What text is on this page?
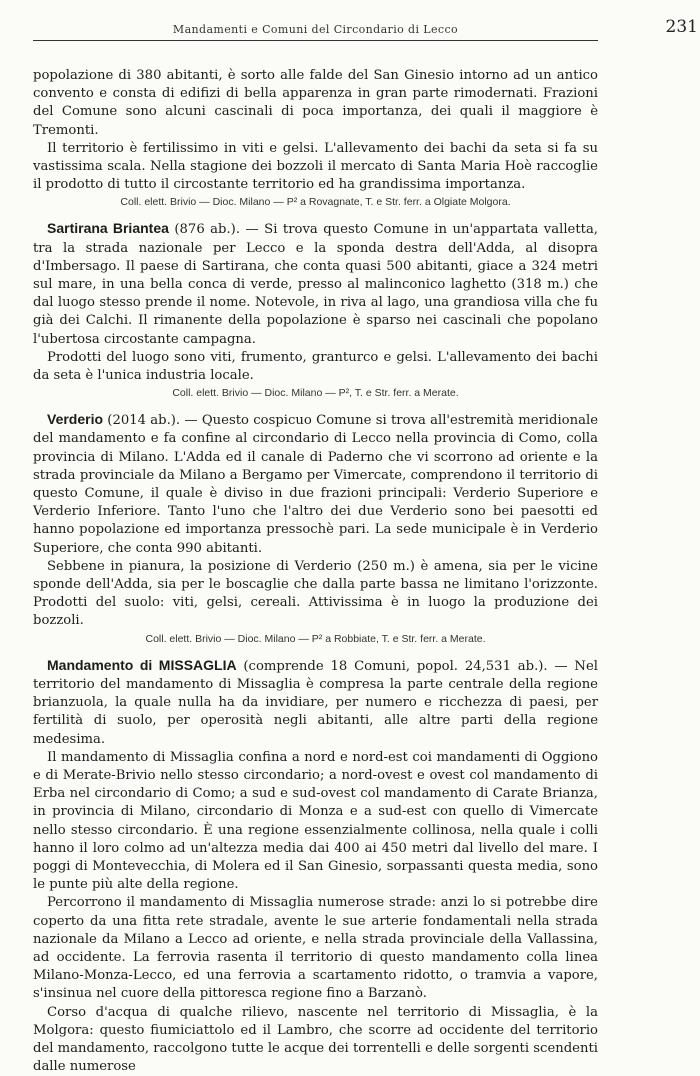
Mandamenti e Comuni del Circondario di Lecco	231

popolazione di 380 abitanti, è sorto alle falde del San Ginesio intorno ad un antico convento e consta di edifizi di bella apparenza in gran parte rimodernati. Frazioni del Comune sono alcuni cascinali di poca importanza, dei quali il maggiore è Tremonti.

Il territorio è fertilissimo in viti e gelsi. L'allevamento dei bachi da seta si fa su vastissima scala. Nella stagione dei bozzoli il mercato di Santa Maria Hoè raccoglie il prodotto di tutto il circostante territorio ed ha grandissima importanza.

Coll. elett. Brivio — Dioc. Milano — P² a Rovagnate, T. e Str. ferr. a Olgiate Molgora.

Sartirana Briantea (876 ab.). — Si trova questo Comune in un'appartata valletta, tra la strada nazionale per Lecco e la sponda destra dell'Adda, al disopra d'Imbersago. Il paese di Sartirana, che conta quasi 500 abitanti, giace a 324 metri sul mare, in una bella conca di verde, presso al malinconico laghetto (318 m.) che dal luogo stesso prende il nome. Notevole, in riva al lago, una grandiosa villa che fu già dei Calchi. Il rimanente della popolazione è sparso nei cascinali che popolano l'ubertosa circostante campagna.

Prodotti del luogo sono viti, frumento, granturco e gelsi. L'allevamento dei bachi da seta è l'unica industria locale.

Coll. elett. Brivio — Dioc. Milano — P², T. e Str. ferr. a Merate.

Verderio (2014 ab.). — Questo cospicuo Comune si trova all'estremità meridionale del mandamento e fa confine al circondario di Lecco nella provincia di Como, colla provincia di Milano. L'Adda ed il canale di Paderno che vi scorrono ad oriente e la strada provinciale da Milano a Bergamo per Vimercate, comprendono il territorio di questo Comune, il quale è diviso in due frazioni principali: Verderio Superiore e Verderio Inferiore. Tanto l'uno che l'altro dei due Verderio sono bei paesotti ed hanno popolazione ed importanza pressochè pari. La sede municipale è in Verderio Superiore, che conta 990 abitanti.

Sebbene in pianura, la posizione di Verderio (250 m.) è amena, sia per le vicine sponde dell'Adda, sia per le boscaglie che dalla parte bassa ne limitano l'orizzonte. Prodotti del suolo: viti, gelsi, cereali. Attivissima è in luogo la produzione dei bozzoli.

Coll. elett. Brivio — Dioc. Milano — P² a Robbiate, T. e Str. ferr. a Merate.

Mandamento di MISSAGLIA (comprende 18 Comuni, popol. 24,531 ab.). — Nel territorio del mandamento di Missaglia è compresa la parte centrale della regione brianzuola, la quale nulla ha da invidiare, per numero e ricchezza di paesi, per fertilità di suolo, per operosità negli abitanti, alle altre parti della regione medesima.

Il mandamento di Missaglia confina a nord e nord-est coi mandamenti di Oggiono e di Merate-Brivio nello stesso circondario; a nord-ovest e ovest col mandamento di Erba nel circondario di Como; a sud e sud-ovest col mandamento di Carate Brianza, in provincia di Milano, circondario di Monza e a sud-est con quello di Vimercate nello stesso circondario. È una regione essenzialmente collinosa, nella quale i colli hanno il loro colmo ad un'altezza media dai 400 ai 450 metri dal livello del mare. I poggi di Montevecchia, di Molera ed il San Ginesio, sorpassanti questa media, sono le punte più alte della regione.

Percorrono il mandamento di Missaglia numerose strade: anzi lo si potrebbe dire coperto da una fitta rete stradale, avente le sue arterie fondamentali nella strada nazionale da Milano a Lecco ad oriente, e nella strada provinciale della Vallassina, ad occidente. La ferrovia rasenta il territorio di questo mandamento colla linea Milano-Monza-Lecco, ed una ferrovia a scartamento ridotto, o tramvia a vapore, s'insinua nel cuore della pittoresca regione fino a Barzanò.

Corso d'acqua di qualche rilievo, nascente nel territorio di Missaglia, è la Molgora: questo fiumiciattolo ed il Lambro, che scorre ad occidente del territorio del mandamento, raccolgono tutte le acque dei torrentelli e delle sorgenti scendenti dalle numerose
